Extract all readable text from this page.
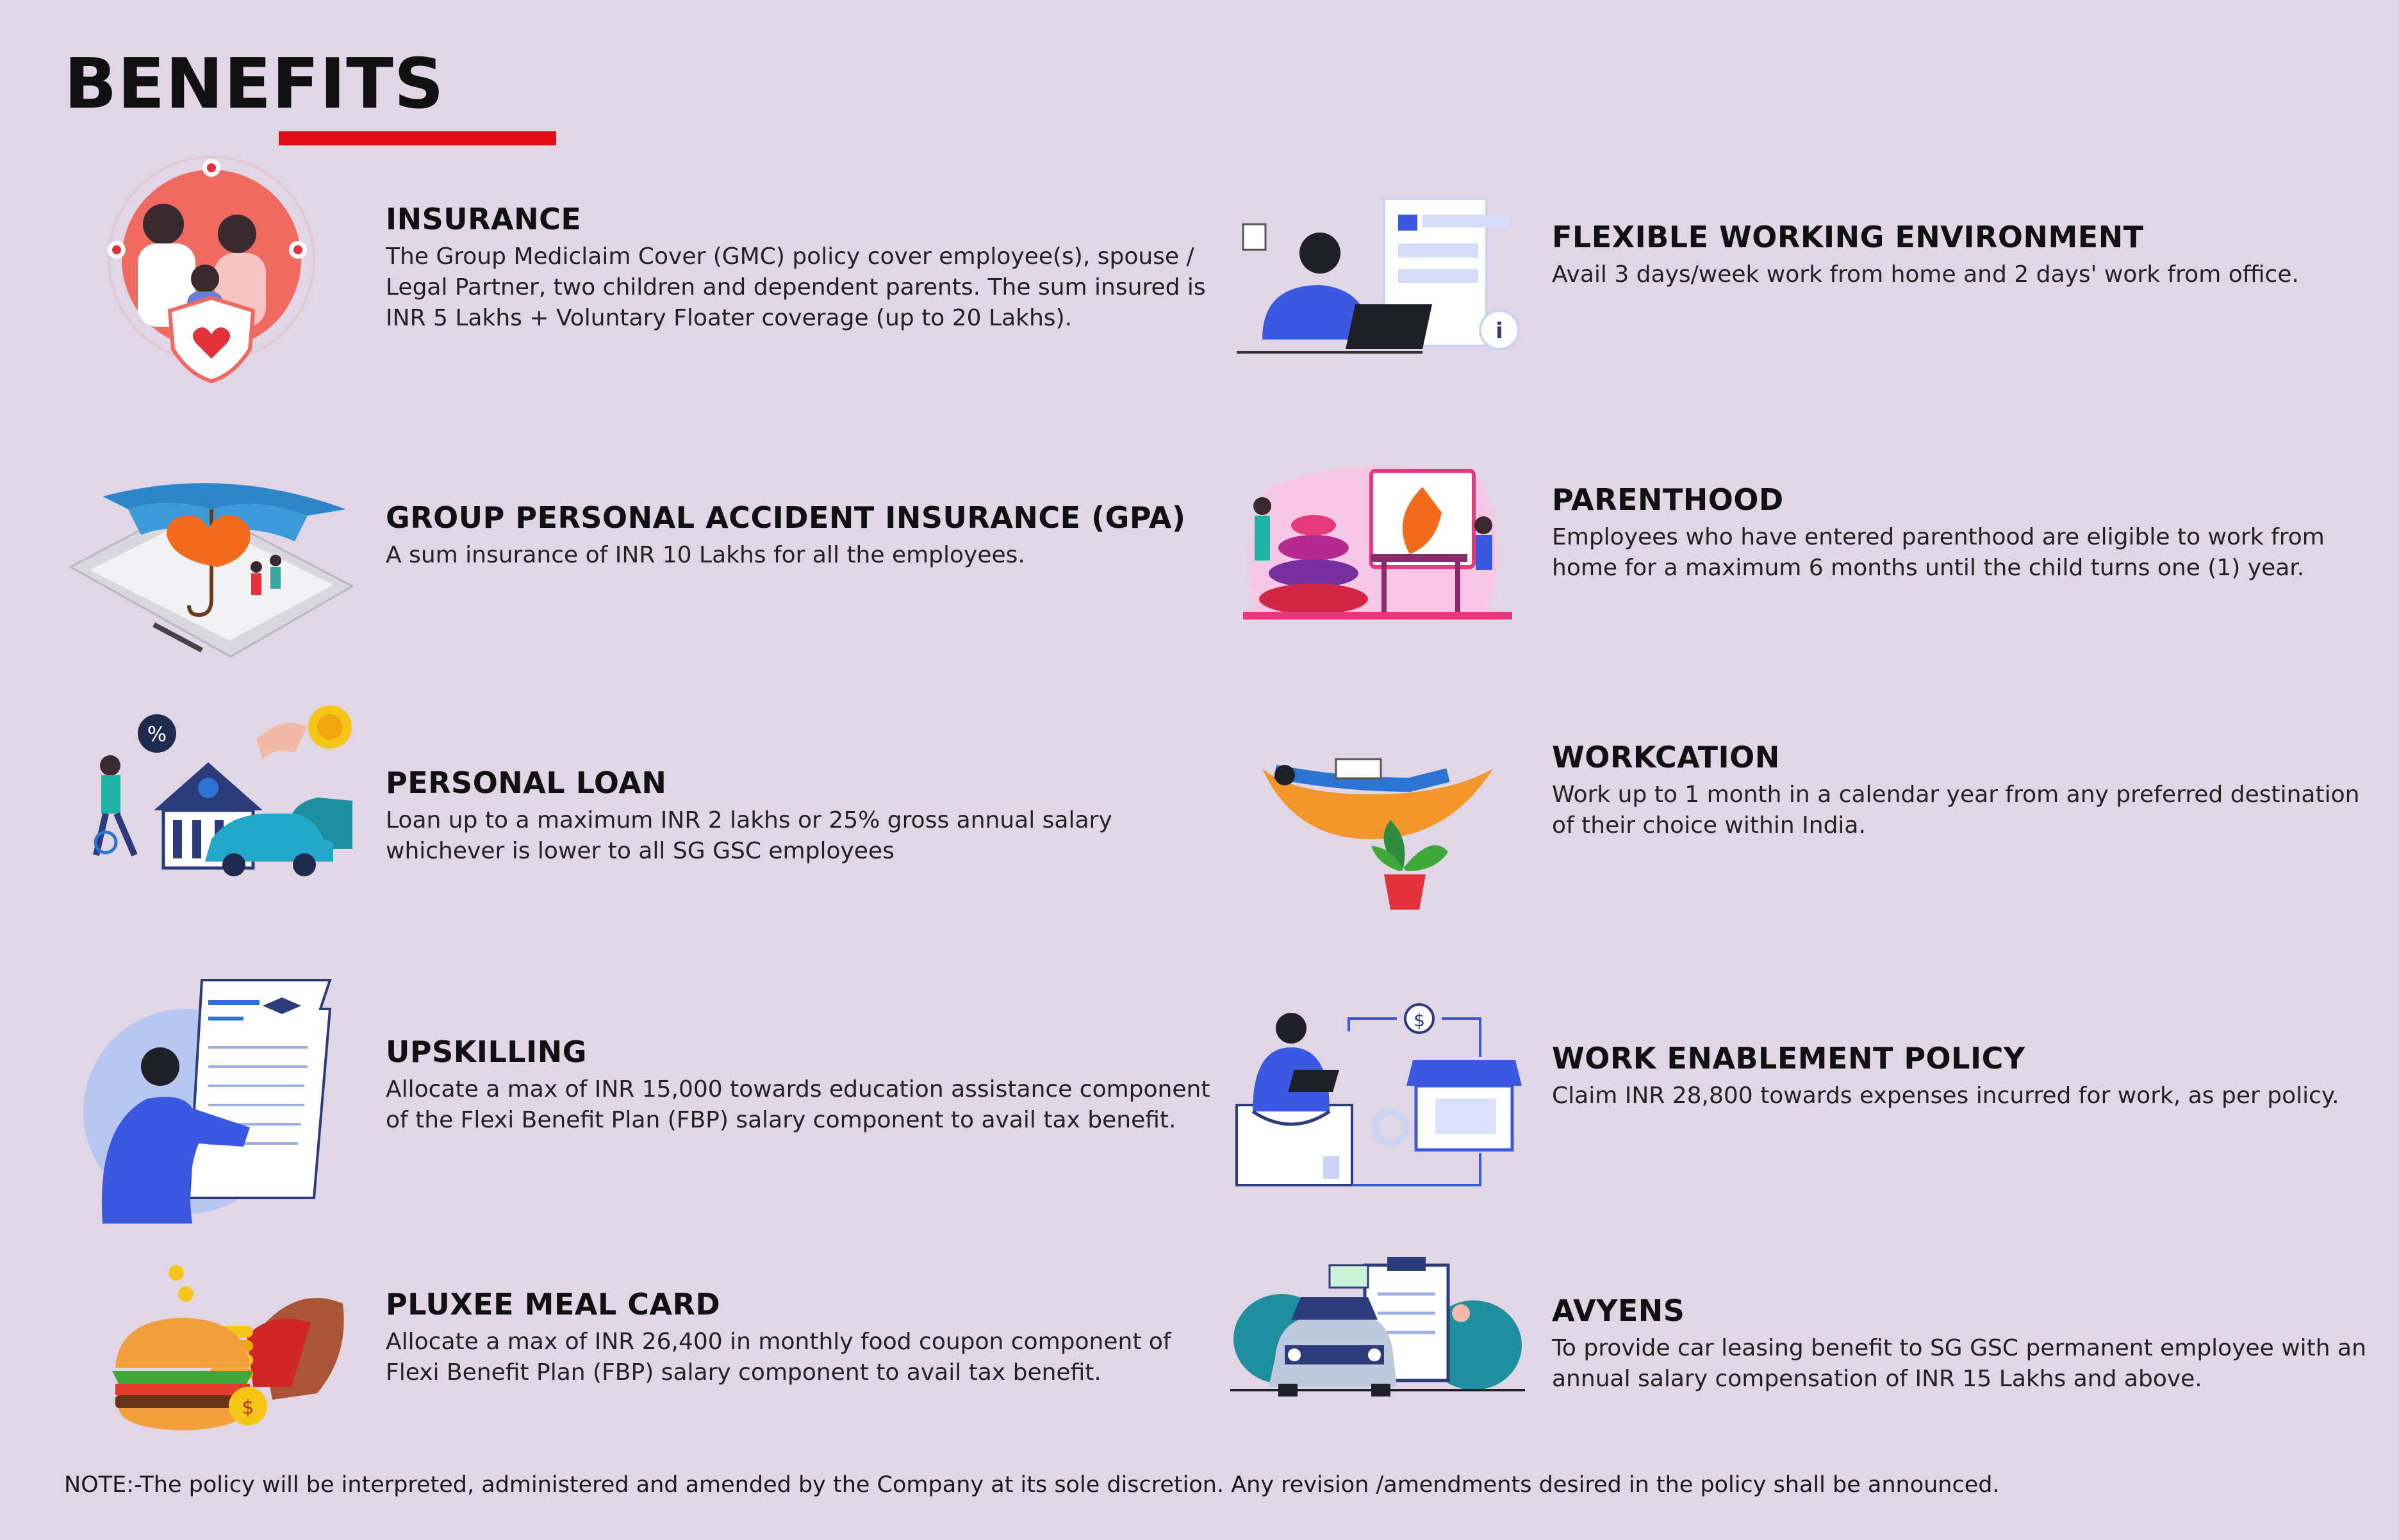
BENEFITS
INSURANCE

The Group Mediclaim Cover (GMC) policy cover employee(s), spouse / Legal Partner, two children and dependent parents. The sum insured is INR 5 Lakhs + Voluntary Floater coverage (up to 20 Lakhs).

GROUP PERSONAL ACCIDENT INSURANCE (GPA)

A sum insurance of INR 10 Lakhs for all the employees.

%
PERSONAL LOAN

Loan up to a maximum INR 2 lakhs or 25% gross annual salary whichever is lower to all SG GSC employees

UPSKILLING

Allocate a max of INR 15,000 towards education assistance component of the Flexi Benefit Plan (FBP) salary component to avail tax benefit.

$
PLUXEE MEAL CARD

Allocate a max of INR 26,400 in monthly food coupon component of Flexi Benefit Plan (FBP) salary component to avail tax benefit.

i
FLEXIBLE WORKING ENVIRONMENT

Avail 3 days/week work from home and 2 days' work from office.

PARENTHOOD

Employees who have entered parenthood are eligible to work from home for a maximum 6 months until the child turns one (1) year.

WORKCATION

Work up to 1 month in a calendar year from any preferred destination of their choice within India.

$
WORK ENABLEMENT POLICY

Claim INR 28,800 towards expenses incurred for work, as per policy.

AVYENS

To provide car leasing benefit to SG GSC permanent employee with an annual salary compensation of INR 15 Lakhs and above.

NOTE:-The policy will be interpreted, administered and amended by the Company at its sole discretion. Any revision /amendments desired in the policy shall be announced.
